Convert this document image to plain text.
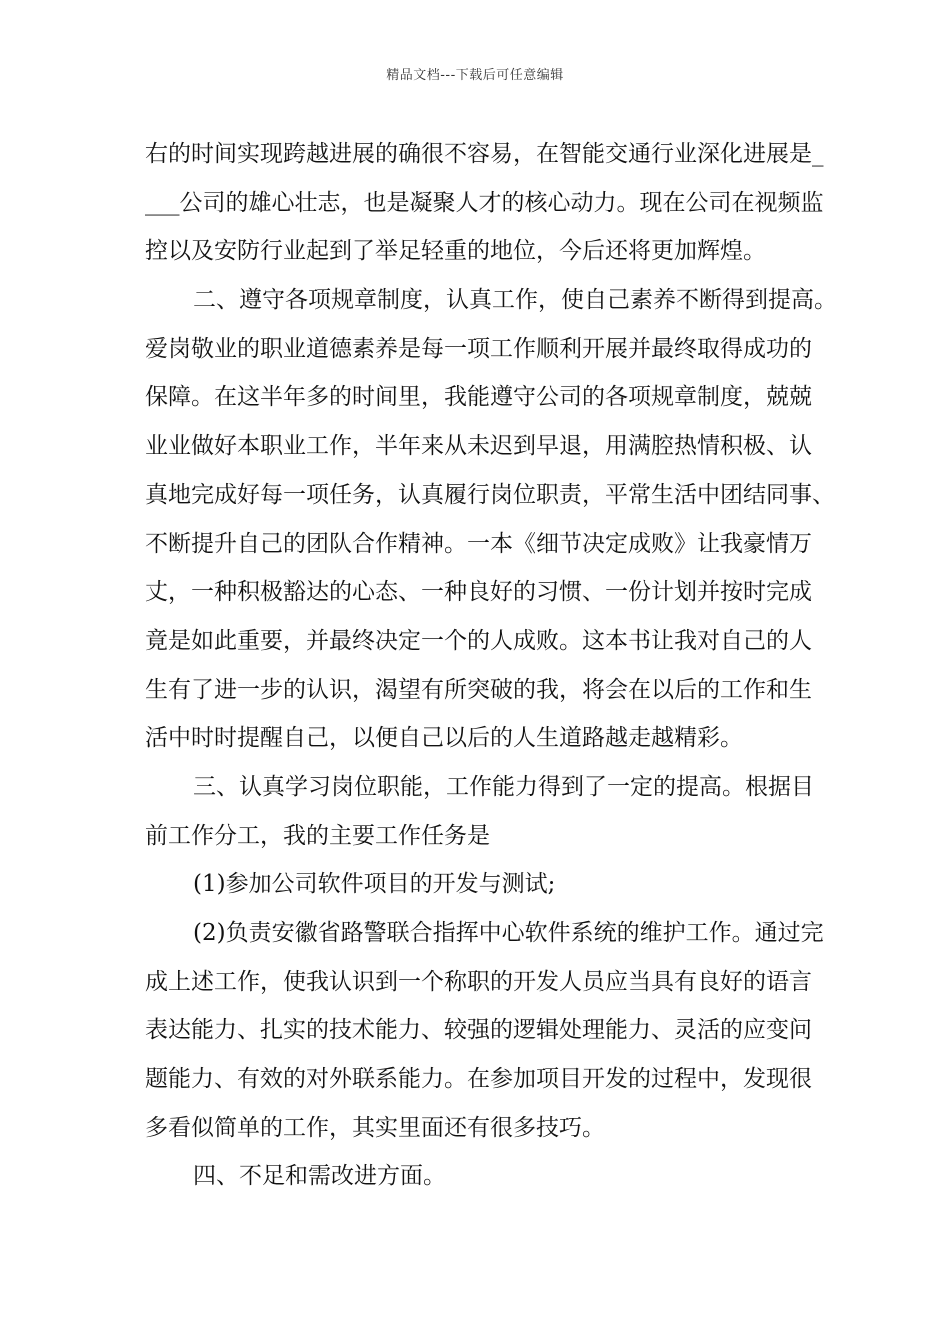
精品文档---下载后可任意编辑
右的时间实现跨越进展的确很不容易，在智能交通行业深化进展是_
___公司的雄心壮志，也是凝聚人才的核心动力。现在公司在视频监
控以及安防行业起到了举足轻重的地位，今后还将更加辉煌。
二、遵守各项规章制度，认真工作，使自己素养不断得到提高。
爱岗敬业的职业道德素养是每一项工作顺利开展并最终取得成功的
保障。在这半年多的时间里，我能遵守公司的各项规章制度，兢兢
业业做好本职业工作，半年来从未迟到早退，用满腔热情积极、认
真地完成好每一项任务，认真履行岗位职责，平常生活中团结同事、
不断提升自己的团队合作精神。一本《细节决定成败》让我豪情万
丈，一种积极豁达的心态、一种良好的习惯、一份计划并按时完成
竟是如此重要，并最终决定一个的人成败。这本书让我对自己的人
生有了进一步的认识，渴望有所突破的我，将会在以后的工作和生
活中时时提醒自己，以便自己以后的人生道路越走越精彩。
三、认真学习岗位职能，工作能力得到了一定的提高。根据目
前工作分工，我的主要工作任务是
(1)参加公司软件项目的开发与测试;
(2)负责安徽省路警联合指挥中心软件系统的维护工作。通过完
成上述工作，使我认识到一个称职的开发人员应当具有良好的语言
表达能力、扎实的技术能力、较强的逻辑处理能力、灵活的应变问
题能力、有效的对外联系能力。在参加项目开发的过程中，发现很
多看似简单的工作，其实里面还有很多技巧。
四、不足和需改进方面。
